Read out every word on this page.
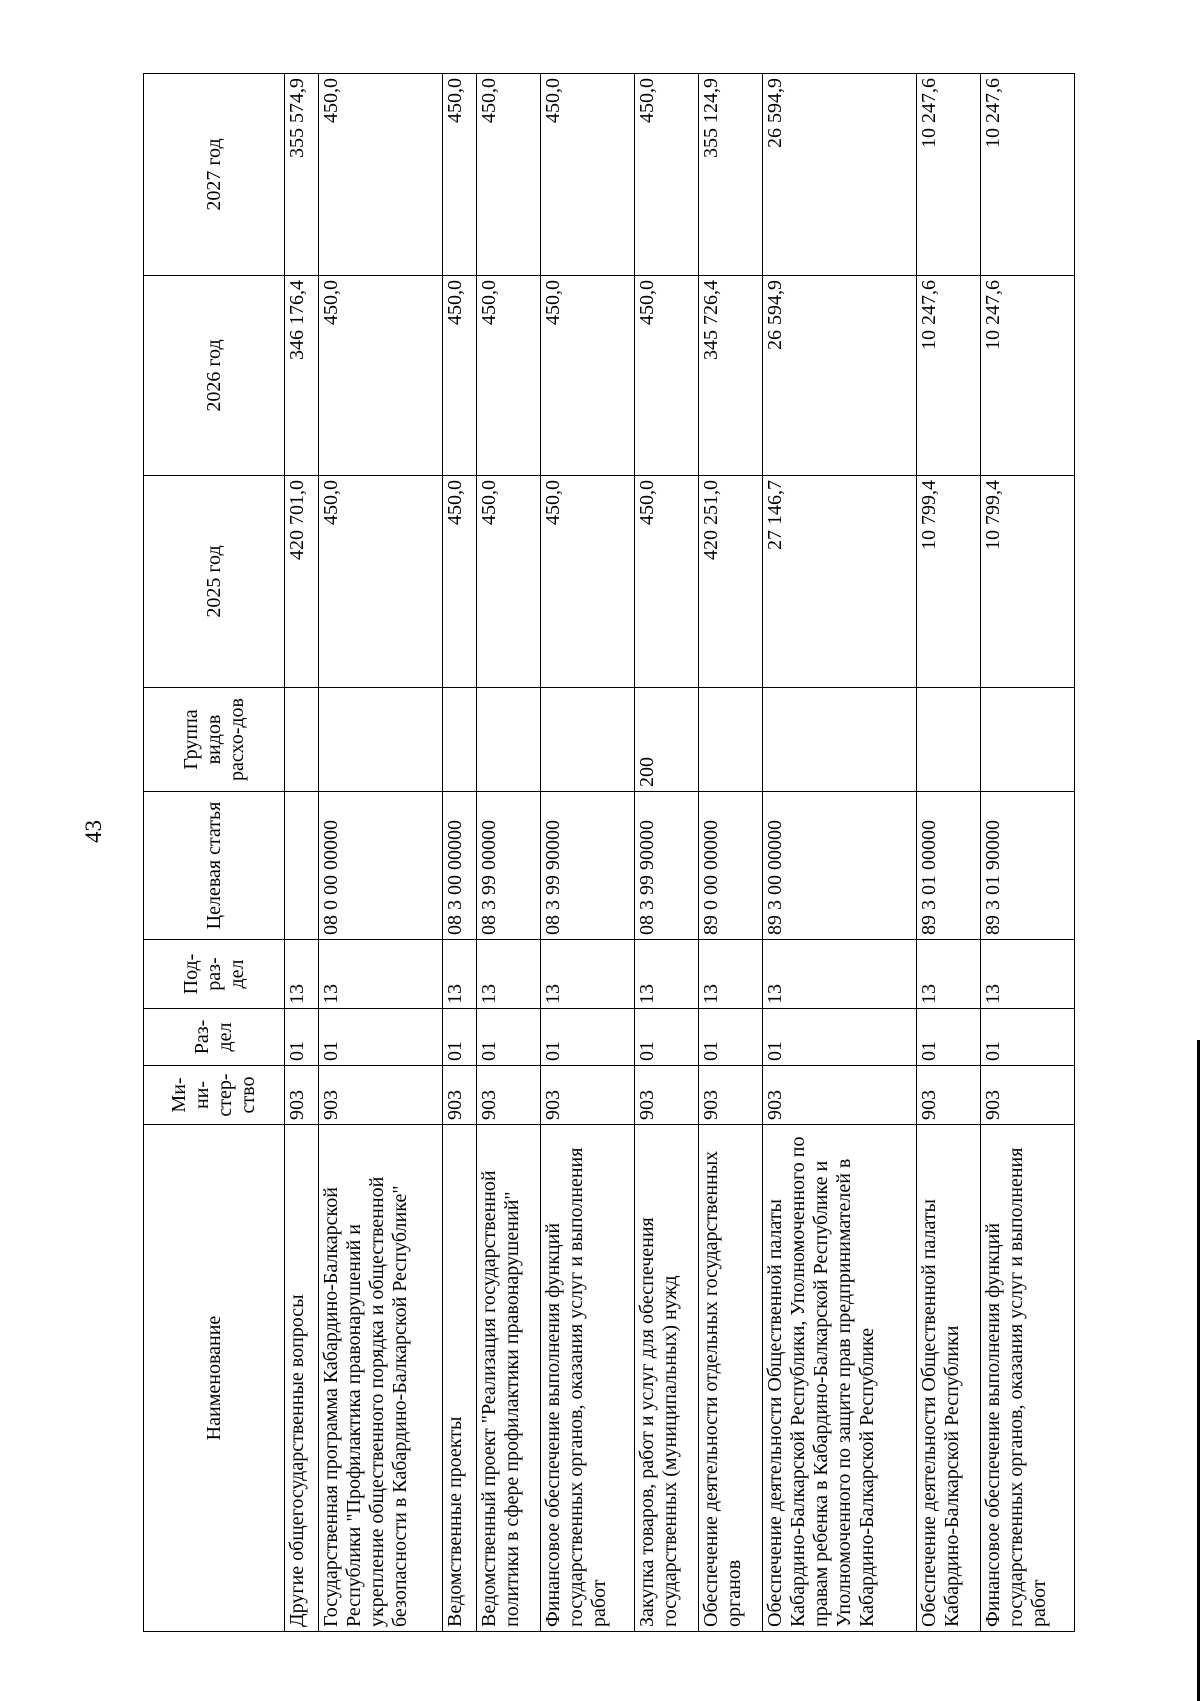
43
Наименование	Ми-ни-стер-ство	Раз-дел	Под-раз-дел	Целевая статья	Группа видов расхо-дов	2025 год	2026 год	2027 год
Другие общегосударственные вопросы	903	01	13			420 701,0	346 176,4	355 574,9
Государственная программа Кабардино-Балкарской Республики "Профилактика правонарушений и укрепление общественного порядка и общественной безопасности в Кабардино-Балкарской Республике"	903	01	13	08 0 00 00000		450,0	450,0	450,0
Ведомственные проекты	903	01	13	08 3 00 00000		450,0	450,0	450,0
Ведомственный проект "Реализация государственной политики в сфере профилактики правонарушений"	903	01	13	08 3 99 00000		450,0	450,0	450,0
Финансовое обеспечение выполнения функций государственных органов, оказания услуг и выполнения работ	903	01	13	08 3 99 90000		450,0	450,0	450,0
Закупка товаров, работ и услуг для обеспечения государственных (муниципальных) нужд	903	01	13	08 3 99 90000	200	450,0	450,0	450,0
Обеспечение деятельности отдельных государственных органов	903	01	13	89 0 00 00000		420 251,0	345 726,4	355 124,9
Обеспечение деятельности Общественной палаты Кабардино-Балкарской Республики, Уполномоченного по правам ребенка в Кабардино-Балкарской Республике и Уполномоченного по защите прав предпринимателей в Кабардино-Балкарской Республике	903	01	13	89 3 00 00000		27 146,7	26 594,9	26 594,9
Обеспечение деятельности Общественной палаты Кабардино-Балкарской Республики	903	01	13	89 3 01 00000		10 799,4	10 247,6	10 247,6
Финансовое обеспечение выполнения функций государственных органов, оказания услуг и выполнения работ	903	01	13	89 3 01 90000		10 799,4	10 247,6	10 247,6
